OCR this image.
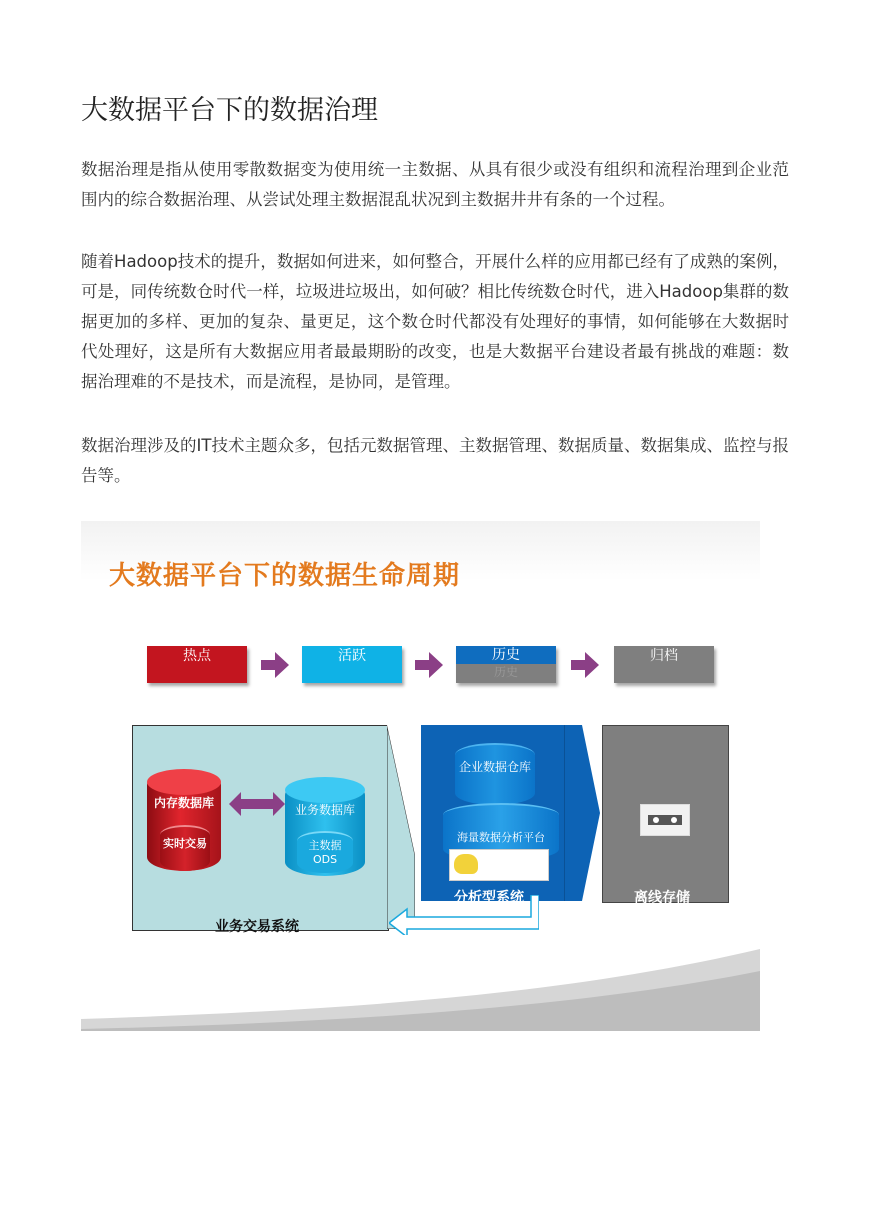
大数据平台下的数据治理

数据治理是指从使用零散数据变为使用统一主数据、从具有很少或没有组织和流程治理到企业范围内的综合数据治理、从尝试处理主数据混乱状况到主数据井井有条的一个过程。

随着Hadoop技术的提升，数据如何进来，如何整合，开展什么样的应用都已经有了成熟的案例，可是，同传统数仓时代一样，垃圾进垃圾出，如何破？相比传统数仓时代，进入Hadoop集群的数据更加的多样、更加的复杂、量更足，这个数仓时代都没有处理好的事情，如何能够在大数据时代处理好，这是所有大数据应用者最最期盼的改变，也是大数据平台建设者最有挑战的难题：数据治理难的不是技术，而是流程，是协同，是管理。

数据治理涉及的IT技术主题众多，包括元数据管理、主数据管理、数据质量、数据集成、监控与报告等。

大数据平台下的数据生命周期
热点	活跃	历史
历史
归档
内存数据库
实时交易
业务数据库
主数据ODS
业务交易系统
企业数据仓库
海量数据分析平台
分析型系统	离线存储
